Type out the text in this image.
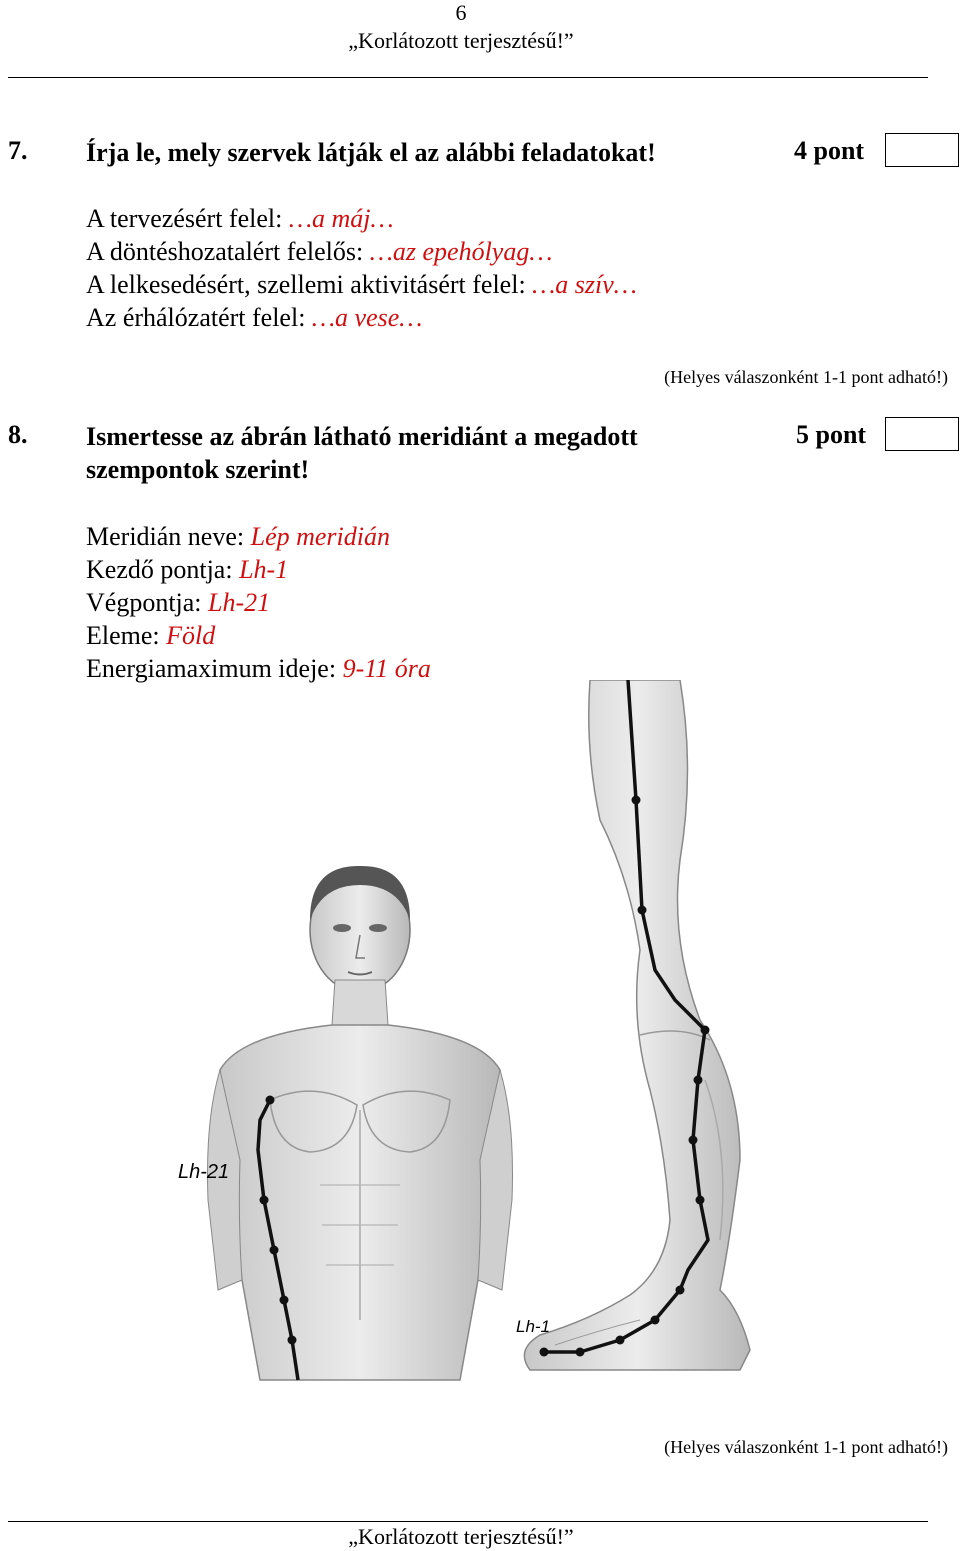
6
„Korlátozott terjesztésű!”
7. Írja le, mely szervek látják el az alábbi feladatokat!	4 pont
A tervezésért felel: …a máj…
A döntéshozatalért felelős: …az epehólyag…
A lelkesedésért, szellemi aktivitásért felel: …a szív…
Az érhálózatért felel: …a vese…
(Helyes válaszonként 1-1 pont adható!)
8. Ismertesse az ábrán látható meridiánt a megadott
szempontok szerint!
5 pont
Meridián neve: Lép meridián
Kezdő pontja: Lh-1
Végpontja: Lh-21
Eleme: Föld
Energiamaximum ideje: 9-11 óra
Lh-21
Lh-1
(Helyes válaszonként 1-1 pont adható!)
„Korlátozott terjesztésű!”
